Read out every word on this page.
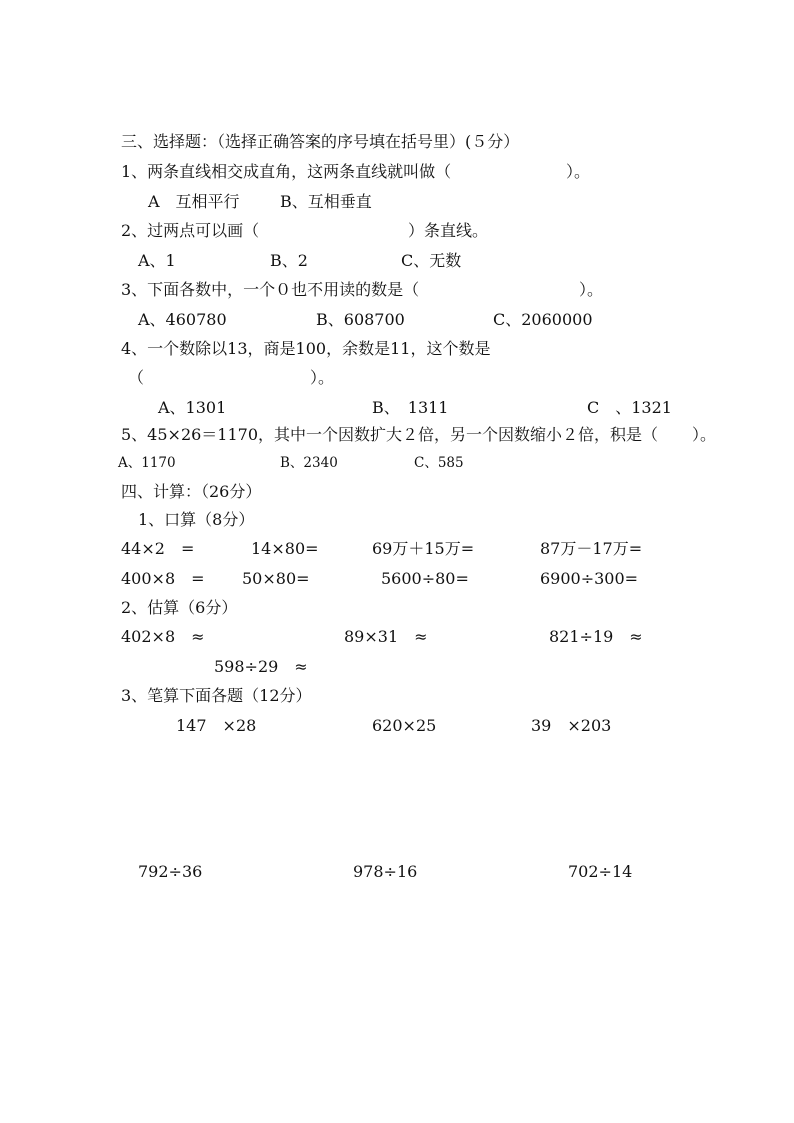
三、选择题：（选择正确答案的序号填在括号里）(５分）
1、两条直线相交成直角，这两条直线就叫做（	）。
A　互相平行	B、互相垂直
2、过两点可以画（	）条直线。
A、1	B、2	C、无数
3、下面各数中，一个０也不用读的数是（	）。
A、460780	B、608700	C、2060000
4、一个数除以13，商是100，余数是11，这个数是
（	）。
A、1301	B、　1311	C　、1321
5、45×26＝1170，其中一个因数扩大２倍，另一个因数缩小２倍，积是（ ）。
A、1170	B、2340	C、585
四、计算：（26分）
1、口算（8分）
44×2　=	14×80=	69万＋15万=	87万－17万=
400×8　= 50×80=	5600÷80=	6900÷300=
2、估算（6分）
402×8　≈	89×31　≈	821÷19　≈
598÷29　≈
3、笔算下面各题（12分）
147　×28	620×25	39　×203
792÷36	978÷16	702÷14
